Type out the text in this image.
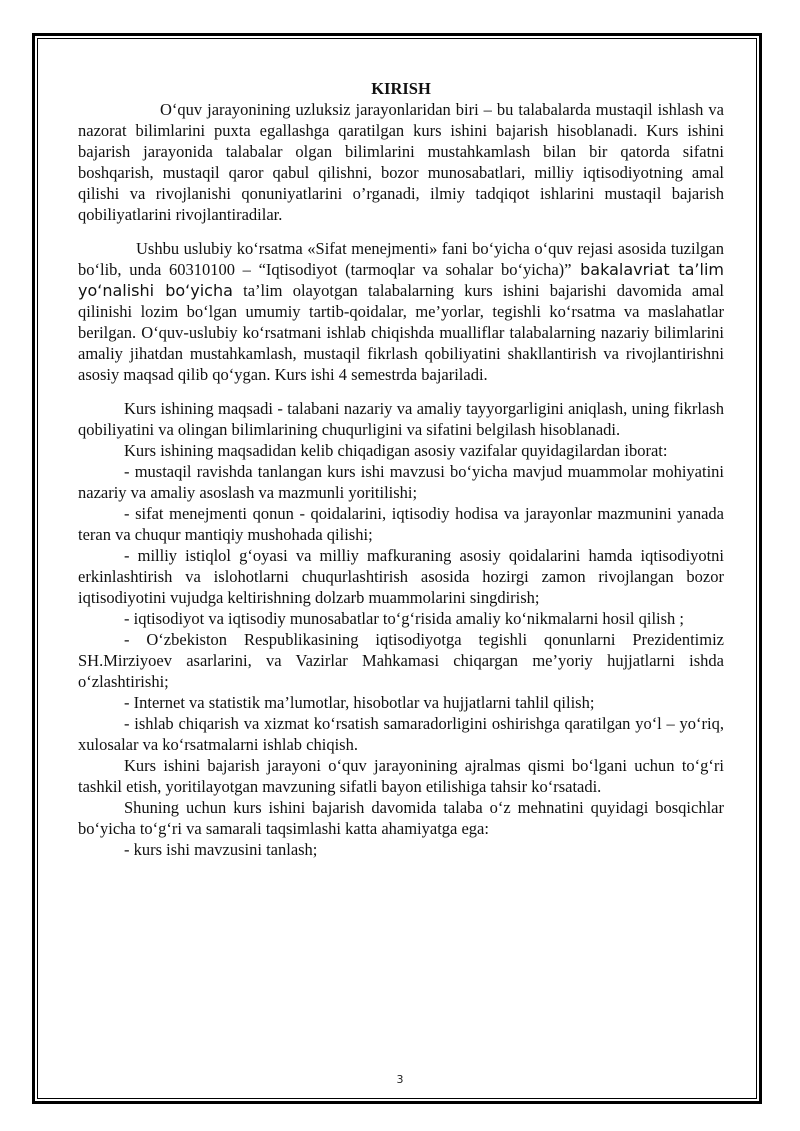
KIRISH

O‘quv jarayonining uzluksiz jarayonlaridan biri – bu talabalarda mustaqil ishlash va nazorat bilimlarini puxta egallashga qaratilgan kurs ishini bajarish hisoblanadi. Kurs ishini bajarish jarayonida talabalar olgan bilimlarini mustahkamlash bilan bir qatorda sifatni boshqarish, mustaqil qaror qabul qilishni, bozor munosabatlari, milliy iqtisodiyotning amal qilishi va rivojlanishi qonuniyatlarini o’rganadi, ilmiy tadqiqot ishlarini mustaqil bajarish qobiliyatlarini rivojlantiradilar.

Ushbu uslubiy ko‘rsatma «Sifat menejmenti» fani bo‘yicha o‘quv rejasi asosida tuzilgan bo‘lib, unda 60310100 – “Iqtisodiyot (tarmoqlar va sohalar bo‘yicha)” bakalavriat ta’lim yo‘nalishi bo‘yicha ta’lim olayotgan talabalarning kurs ishini bajarishi davomida amal qilinishi lozim bo‘lgan umumiy tartib-qoidalar, me’yorlar, tegishli ko‘rsatma va maslahatlar berilgan. O‘quv-uslubiy ko‘rsatmani ishlab chiqishda mualliflar talabalarning nazariy bilimlarini amaliy jihatdan mustahkamlash, mustaqil fikrlash qobiliyatini shakllantirish va rivojlantirishni asosiy maqsad qilib qo‘ygan. Kurs ishi 4 semestrda bajariladi.

Kurs ishining maqsadi - talabani nazariy va amaliy tayyorgarligini aniqlash, uning fikrlash qobiliyatini va olingan bilimlarining chuqurligini va sifatini belgilash hisoblanadi.

Kurs ishining maqsadidan kelib chiqadigan asosiy vazifalar quyidagilardan iborat:

- mustaqil ravishda tanlangan kurs ishi mavzusi bo‘yicha mavjud muammolar mohiyatini nazariy va amaliy asoslash va mazmunli yoritilishi;

- sifat menejmenti qonun - qoidalarini, iqtisodiy hodisa va jarayonlar mazmunini yanada teran va chuqur mantiqiy mushohada qilishi;

- milliy istiqlol g‘oyasi va milliy mafkuraning asosiy qoidalarini hamda iqtisodiyotni erkinlashtirish va islohotlarni chuqurlashtirish asosida hozirgi zamon rivojlangan bozor iqtisodiyotini vujudga keltirishning dolzarb muammolarini singdirish;

- iqtisodiyot va iqtisodiy munosabatlar to‘g‘risida amaliy ko‘nikmalarni hosil qilish ;

- O‘zbekiston Respublikasining iqtisodiyotga tegishli qonunlarni Prezidentimiz SH.Mirziyoev asarlarini, va Vazirlar Mahkamasi chiqargan me’yoriy hujjatlarni ishda o‘zlashtirishi;

- Internet va statistik ma’lumotlar, hisobotlar va hujjatlarni tahlil qilish;

- ishlab chiqarish va xizmat ko‘rsatish samaradorligini oshirishga qaratilgan yo‘l – yo‘riq, xulosalar va ko‘rsatmalarni ishlab chiqish.

Kurs ishini bajarish jarayoni o‘quv jarayonining ajralmas qismi bo‘lgani uchun to‘g‘ri tashkil etish, yoritilayotgan mavzuning sifatli bayon etilishiga tahsir ko‘rsatadi.

Shuning uchun kurs ishini bajarish davomida talaba o‘z mehnatini quyidagi bosqichlar bo‘yicha to‘g‘ri va samarali taqsimlashi katta ahamiyatga ega:

- kurs ishi mavzusini tanlash;

3
